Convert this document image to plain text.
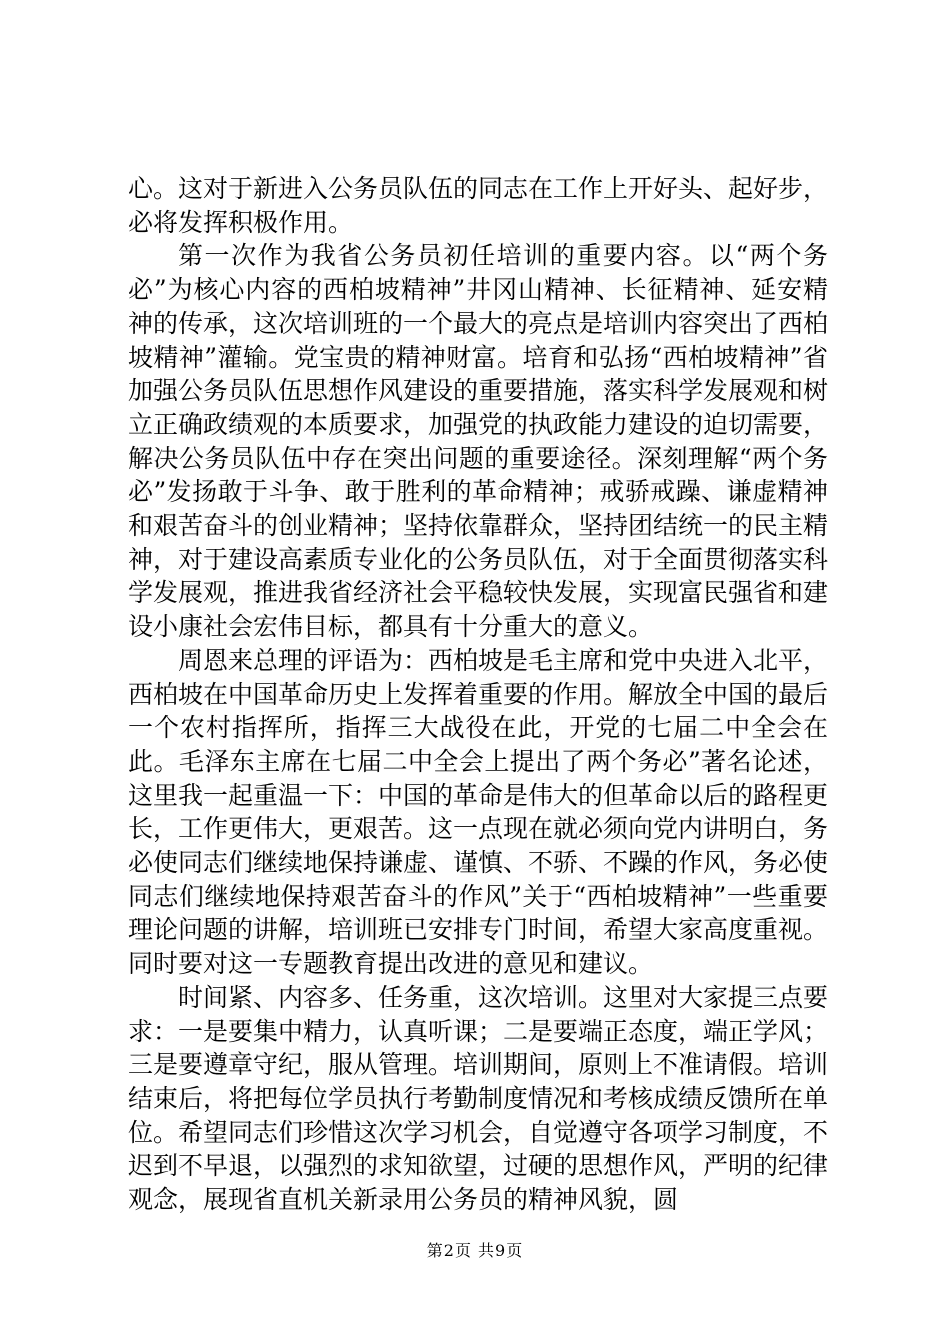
心。这对于新进入公务员队伍的同志在工作上开好头、起好步，必将发挥积极作用。

第一次作为我省公务员初任培训的重要内容。以“两个务必”为核心内容的西柏坡精神”井冈山精神、长征精神、延安精神的传承，这次培训班的一个最大的亮点是培训内容突出了西柏坡精神”灌输。党宝贵的精神财富。培育和弘扬“西柏坡精神”省加强公务员队伍思想作风建设的重要措施，落实科学发展观和树立正确政绩观的本质要求，加强党的执政能力建设的迫切需要，解决公务员队伍中存在突出问题的重要途径。深刻理解“两个务必”发扬敢于斗争、敢于胜利的革命精神；戒骄戒躁、谦虚精神和艰苦奋斗的创业精神；坚持依靠群众，坚持团结统一的民主精神，对于建设高素质专业化的公务员队伍，对于全面贯彻落实科学发展观，推进我省经济社会平稳较快发展，实现富民强省和建设小康社会宏伟目标，都具有十分重大的意义。

周恩来总理的评语为：西柏坡是毛主席和党中央进入北平，西柏坡在中国革命历史上发挥着重要的作用。解放全中国的最后一个农村指挥所，指挥三大战役在此，开党的七届二中全会在此。毛泽东主席在七届二中全会上提出了两个务必”著名论述，这里我一起重温一下：中国的革命是伟大的但革命以后的路程更长，工作更伟大，更艰苦。这一点现在就必须向党内讲明白，务必使同志们继续地保持谦虚、谨慎、不骄、不躁的作风，务必使同志们继续地保持艰苦奋斗的作风”关于“西柏坡精神”一些重要理论问题的讲解，培训班已安排专门时间，希望大家高度重视。同时要对这一专题教育提出改进的意见和建议。

时间紧、内容多、任务重，这次培训。这里对大家提三点要求：一是要集中精力，认真听课；二是要端正态度，端正学风；三是要遵章守纪，服从管理。培训期间，原则上不准请假。培训结束后，将把每位学员执行考勤制度情况和考核成绩反馈所在单位。希望同志们珍惜这次学习机会，自觉遵守各项学习制度，不迟到不早退，以强烈的求知欲望，过硬的思想作风，严明的纪律观念，展现省直机关新录用公务员的精神风貌，圆

第2页 共9页
